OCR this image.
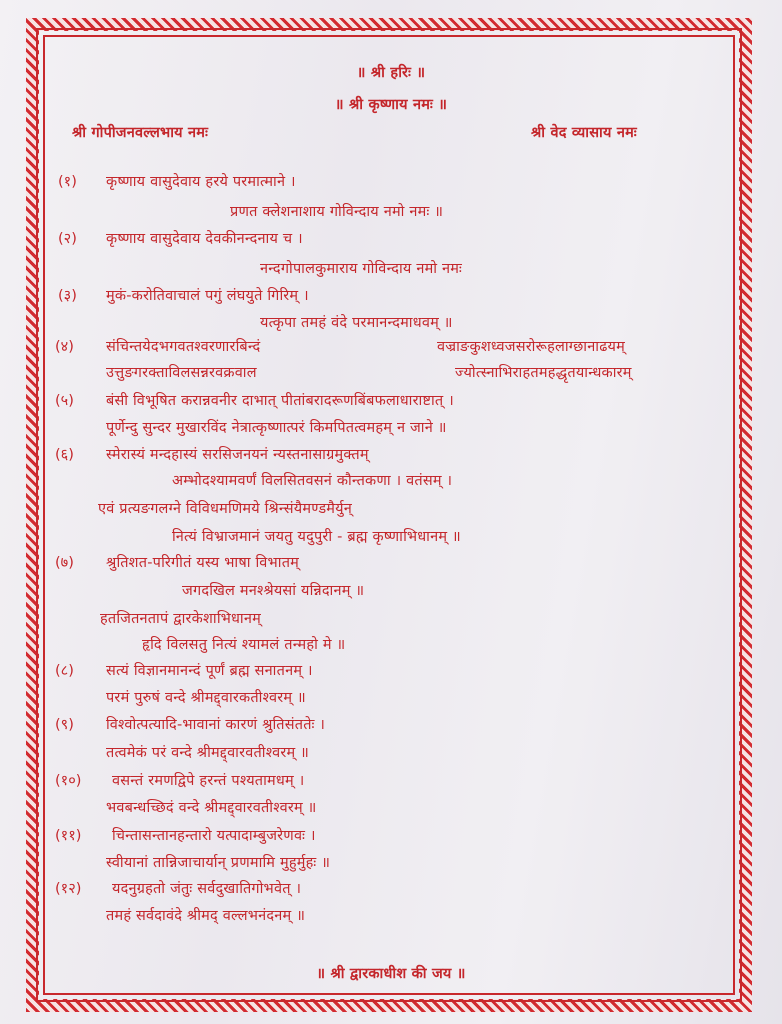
॥ श्री हरिः ॥
॥ श्री कृष्णाय नमः ॥
श्री गोपीजनवल्लभाय नमः	श्री वेद व्यासाय नमः
(१) कृष्णाय वासुदेवाय हरये परमात्माने ।
प्रणत क्लेशनाशाय गोविन्दाय नमो नमः ॥
(२) कृष्णाय वासुदेवाय देवकीनन्दनाय च ।
नन्दगोपालकुमाराय गोविन्दाय नमो नमः
(३) मुकं-करोतिवाचालं पगुं लंघयुते गिरिम् ।
यत्कृपा तमहं वंदे परमानन्दमाधवम् ॥
(४) संचिन्तयेदभगवतश्वरणारबिन्दं	वज्राङकुशध्वजसरोरूहलाग्छानाढयम्
उत्तुङगरक्ताविलसन्नरवक्रवाल	ज्योत्स्नाभिराहतमहद्धृतयान्धकारम्
(५) बंसी विभूषित करान्नवनीर दाभात् पीतांबरादरूणबिंबफलाधाराष्टात् ।
पूर्णेन्दु सुन्दर मुखारविंद नेत्रात्कृष्णात्परं किमपितत्वमहम् न जाने ॥
(६) स्मेरास्यं मन्दहास्यं सरसिजनयनं न्यस्तनासाग्रमुक्तम्
अम्भोदश्यामवर्णं विलसितवसनं कौन्तकणा । वतंसम् ।
एवं प्रत्यङगलग्ने विविधमणिमये श्रिन्संयैमण्डमैर्युन्
नित्यं विभ्राजमानं जयतु यदुपुरी - ब्रह्म कृष्णाभिधानम् ॥
(७) श्रुतिशत-परिगीतं यस्य भाषा विभातम्
जगदखिल मनश्श्रेयसां यन्निदानम् ॥
हतजितनतापं द्वारकेशाभिधानम्
हृदि विलसतु नित्यं श्यामलं तन्महो मे ॥
(८) सत्यं विज्ञानमानन्दं पूर्णं ब्रह्म सनातनम् ।
परमं पुरुषं वन्दे श्रीमद्द्वारकतीश्वरम् ॥
(९) विश्वोत्पत्यादि-भावानां कारणं श्रुतिसंततेः ।
तत्वमेकं परं वन्दे श्रीमद्द्वारवतीश्वरम् ॥
(१०) वसन्तं रमणद्विपे हरन्तं पश्यतामधम् ।
भवबन्धच्छिदं वन्दे श्रीमद्द्वारवतीश्वरम् ॥
(११) चिन्तासन्तानहन्तारो यत्पादाम्बुजरेणवः ।
स्वीयानां तान्निजाचार्यान् प्रणमामि मुहुर्मुहः ॥
(१२) यदनुग्रहतो जंतुः सर्वदुखातिगोभवेत् ।
तमहं सर्वदावंदे श्रीमद् वल्लभनंदनम् ॥
॥ श्री द्वारकाधीश की जय ॥
